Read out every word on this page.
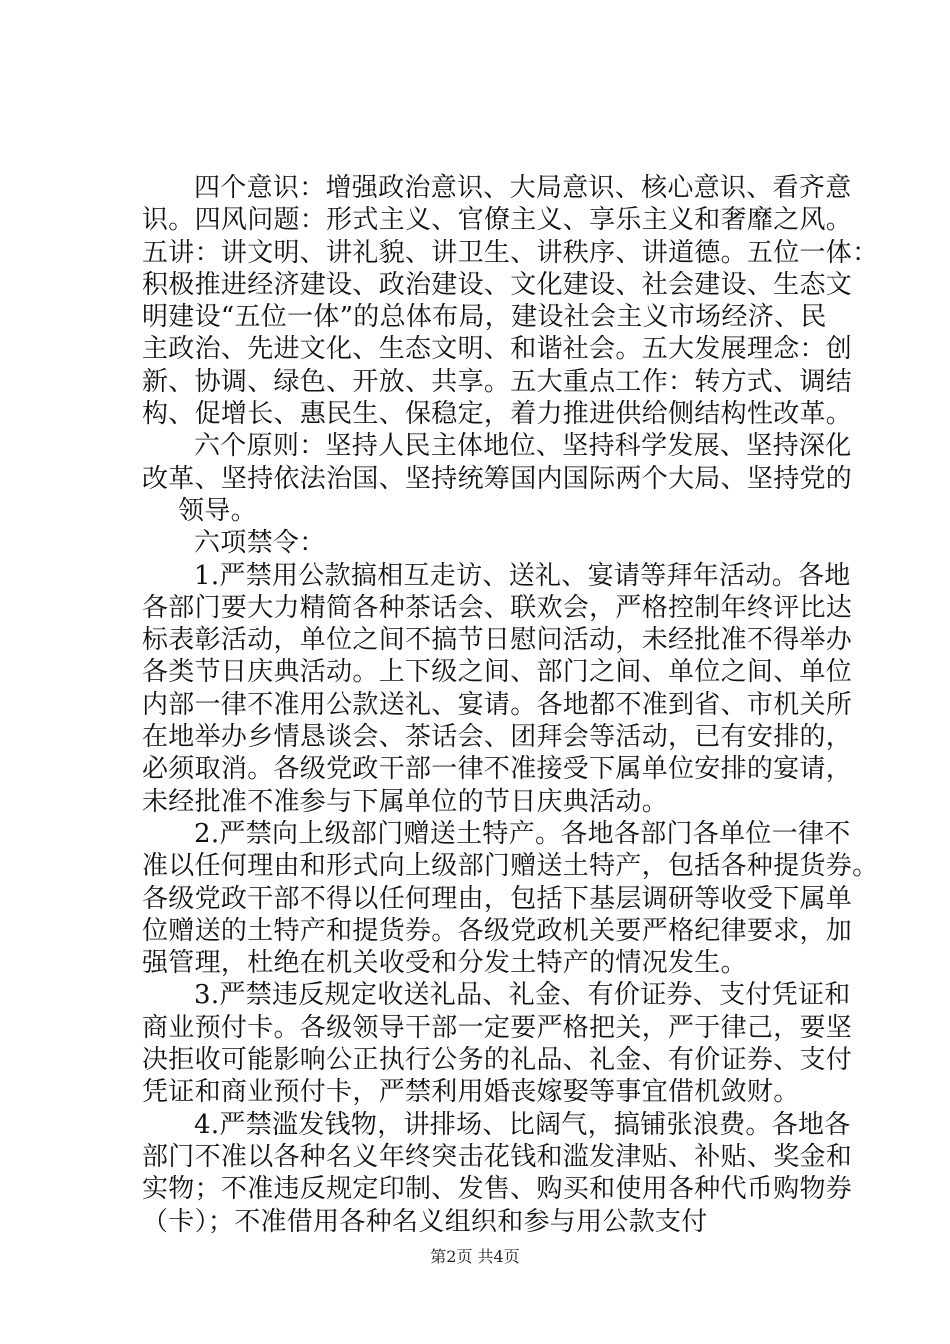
四个意识：增强政治意识、大局意识、核心意识、看齐意
识。四风问题：形式主义、官僚主义、享乐主义和奢靡之风。
五讲：讲文明、讲礼貌、讲卫生、讲秩序、讲道德。五位一体：
积极推进经济建设、政治建设、文化建设、社会建设、生态文
明建设“五位一体”的总体布局，建设社会主义市场经济、民
主政治、先进文化、生态文明、和谐社会。五大发展理念：创
新、协调、绿色、开放、共享。五大重点工作：转方式、调结
构、促增长、惠民生、保稳定，着力推进供给侧结构性改革。
六个原则：坚持人民主体地位、坚持科学发展、坚持深化
改革、坚持依法治国、坚持统筹国内国际两个大局、坚持党的
领导。
六项禁令：
1.严禁用公款搞相互走访、送礼、宴请等拜年活动。各地
各部门要大力精简各种茶话会、联欢会，严格控制年终评比达
标表彰活动，单位之间不搞节日慰问活动，未经批准不得举办
各类节日庆典活动。上下级之间、部门之间、单位之间、单位
内部一律不准用公款送礼、宴请。各地都不准到省、市机关所
在地举办乡情恳谈会、茶话会、团拜会等活动，已有安排的，
必须取消。各级党政干部一律不准接受下属单位安排的宴请，
未经批准不准参与下属单位的节日庆典活动。
2.严禁向上级部门赠送土特产。各地各部门各单位一律不
准以任何理由和形式向上级部门赠送土特产，包括各种提货券。
各级党政干部不得以任何理由，包括下基层调研等收受下属单
位赠送的土特产和提货券。各级党政机关要严格纪律要求，加
强管理，杜绝在机关收受和分发土特产的情况发生。
3.严禁违反规定收送礼品、礼金、有价证券、支付凭证和
商业预付卡。各级领导干部一定要严格把关，严于律己，要坚
决拒收可能影响公正执行公务的礼品、礼金、有价证券、支付
凭证和商业预付卡，严禁利用婚丧嫁娶等事宜借机敛财。
4.严禁滥发钱物，讲排场、比阔气，搞铺张浪费。各地各
部门不准以各种名义年终突击花钱和滥发津贴、补贴、奖金和
实物；不准违反规定印制、发售、购买和使用各种代币购物券
（卡）；不准借用各种名义组织和参与用公款支付
第2页 共4页
